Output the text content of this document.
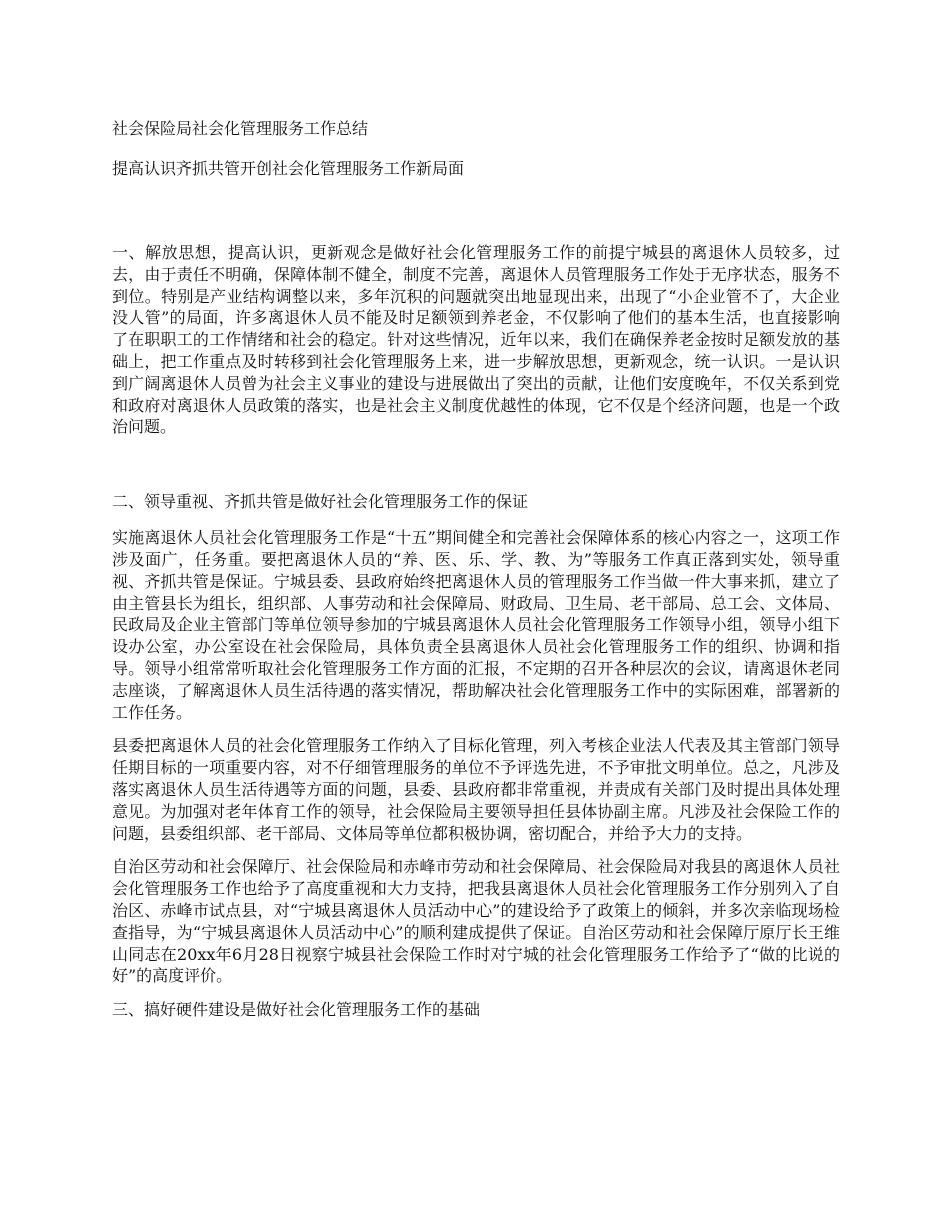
社会保险局社会化管理服务工作总结

提高认识齐抓共管开创社会化管理服务工作新局面

一、解放思想，提高认识，更新观念是做好社会化管理服务工作的前提宁城县的离退休人员较多，过去，由于责任不明确，保障体制不健全，制度不完善，离退休人员管理服务工作处于无序状态，服务不到位。特别是产业结构调整以来，多年沉积的问题就突出地显现出来，出现了“小企业管不了，大企业没人管”的局面，许多离退休人员不能及时足额领到养老金，不仅影响了他们的基本生活，也直接影响了在职职工的工作情绪和社会的稳定。针对这些情况，近年以来，我们在确保养老金按时足额发放的基础上，把工作重点及时转移到社会化管理服务上来，进一步解放思想，更新观念，统一认识。一是认识到广阔离退休人员曾为社会主义事业的建设与进展做出了突出的贡献，让他们安度晚年，不仅关系到党和政府对离退休人员政策的落实，也是社会主义制度优越性的体现，它不仅是个经济问题，也是一个政治问题。

二、领导重视、齐抓共管是做好社会化管理服务工作的保证

实施离退休人员社会化管理服务工作是“十五”期间健全和完善社会保障体系的核心内容之一，这项工作涉及面广，任务重。要把离退休人员的“养、医、乐、学、教、为”等服务工作真正落到实处，领导重视、齐抓共管是保证。宁城县委、县政府始终把离退休人员的管理服务工作当做一件大事来抓，建立了由主管县长为组长，组织部、人事劳动和社会保障局、财政局、卫生局、老干部局、总工会、文体局、民政局及企业主管部门等单位领导参加的宁城县离退休人员社会化管理服务工作领导小组，领导小组下设办公室，办公室设在社会保险局，具体负责全县离退休人员社会化管理服务工作的组织、协调和指导。领导小组常常听取社会化管理服务工作方面的汇报，不定期的召开各种层次的会议，请离退休老同志座谈，了解离退休人员生活待遇的落实情况，帮助解决社会化管理服务工作中的实际困难，部署新的工作任务。

县委把离退休人员的社会化管理服务工作纳入了目标化管理，列入考核企业法人代表及其主管部门领导任期目标的一项重要内容，对不仔细管理服务的单位不予评选先进，不予审批文明单位。总之，凡涉及落实离退休人员生活待遇等方面的问题，县委、县政府都非常重视，并责成有关部门及时提出具体处理意见。为加强对老年体育工作的领导，社会保险局主要领导担任县体协副主席。凡涉及社会保险工作的问题，县委组织部、老干部局、文体局等单位都积极协调，密切配合，并给予大力的支持。

自治区劳动和社会保障厅、社会保险局和赤峰市劳动和社会保障局、社会保险局对我县的离退休人员社会化管理服务工作也给予了高度重视和大力支持，把我县离退休人员社会化管理服务工作分别列入了自治区、赤峰市试点县，对“宁城县离退休人员活动中心”的建设给予了政策上的倾斜，并多次亲临现场检查指导，为“宁城县离退休人员活动中心”的顺利建成提供了保证。自治区劳动和社会保障厅原厅长王维山同志在20xx年6月28日视察宁城县社会保险工作时对宁城的社会化管理服务工作给予了“做的比说的好”的高度评价。

三、搞好硬件建设是做好社会化管理服务工作的基础
